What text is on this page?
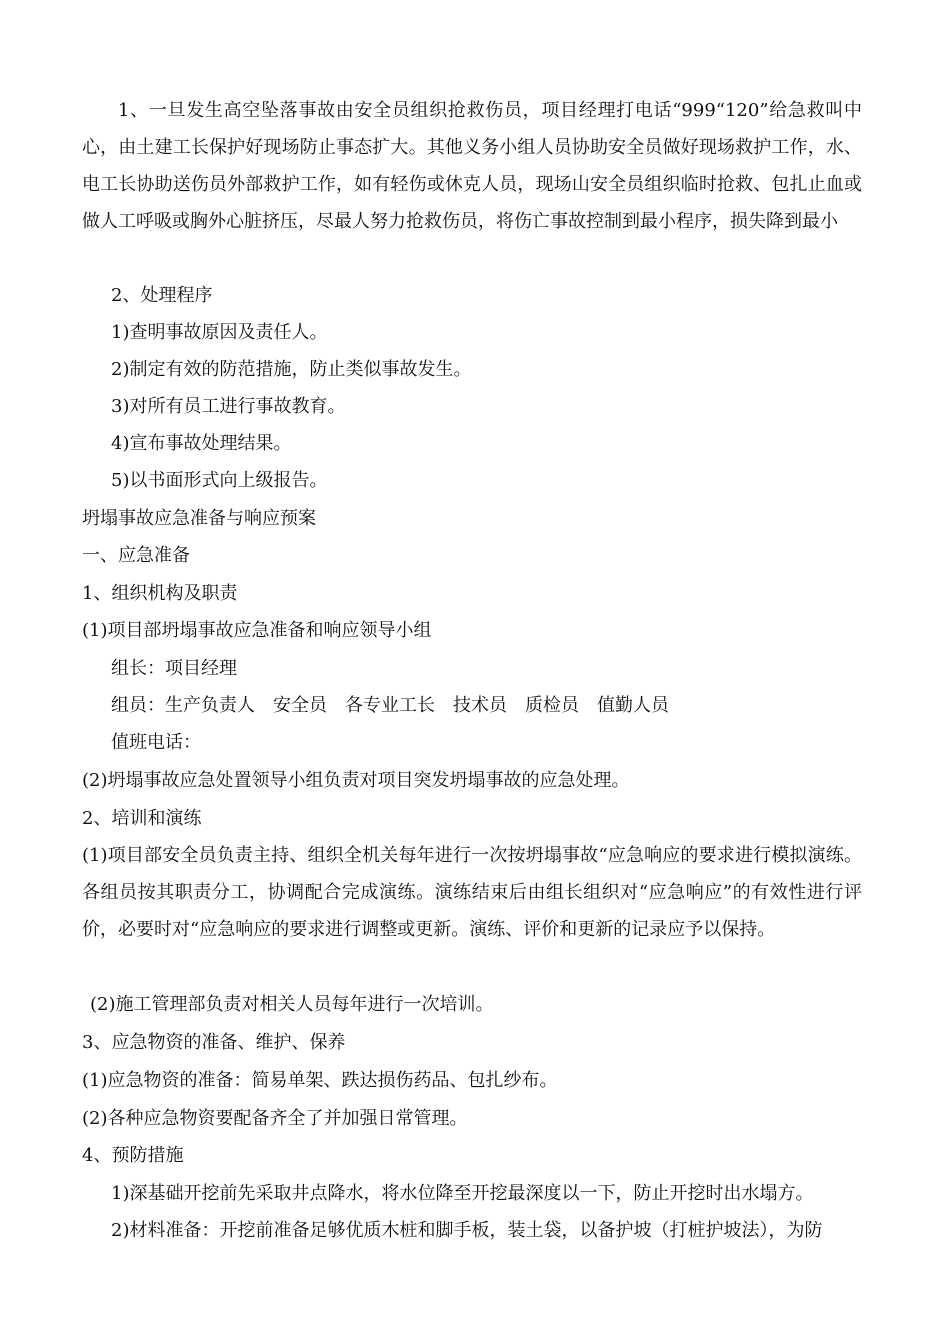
1、一旦发生高空坠落事故由安全员组织抢救伤员，项目经理打电话“999“120”给急救叫中心，由土建工长保护好现场防止事态扩大。其他义务小组人员协助安全员做好现场救护工作，水、电工长协助送伤员外部救护工作，如有轻伤或休克人员，现场山安全员组织临时抢救、包扎止血或做人工呼吸或胸外心脏挤压，尽最人努力抢救伤员，将伤亡事故控制到最小程序，损失降到最小

2、处理程序

1)查明事故原因及责任人。

2)制定有效的防范措施，防止类似事故发生。

3)对所有员工进行事故教育。

4)宣布事故处理结果。

5)以书面形式向上级报告。

坍塌事故应急准备与响应预案

一、应急准备

1、组织机构及职责

(1)项目部坍塌事故应急准备和响应领导小组

组长：项目经理

组员：生产负责人　安全员　各专业工长　技术员　质检员　值勤人员

值班电话：

(2)坍塌事故应急处置领导小组负责对项目突发坍塌事故的应急处理。

2、培训和演练

(1)项目部安全员负责主持、组织全机关每年进行一次按坍塌事故“应急响应的要求进行模拟演练。各组员按其职责分工，协调配合完成演练。演练结束后由组长组织对“应急响应”的有效性进行评价，必要时对“应急响应的要求进行调整或更新。演练、评价和更新的记录应予以保持。

(2)施工管理部负责对相关人员每年进行一次培训。

3、应急物资的准备、维护、保养

(1)应急物资的准备：简易单架、跌达损伤药品、包扎纱布。

(2)各种应急物资要配备齐全了并加强日常管理。

4、预防措施

1)深基础开挖前先采取井点降水，将水位降至开挖最深度以一下，防止开挖时出水塌方。

2)材料准备：开挖前准备足够优质木桩和脚手板，装土袋，以备护坡（打桩护坡法），为防
